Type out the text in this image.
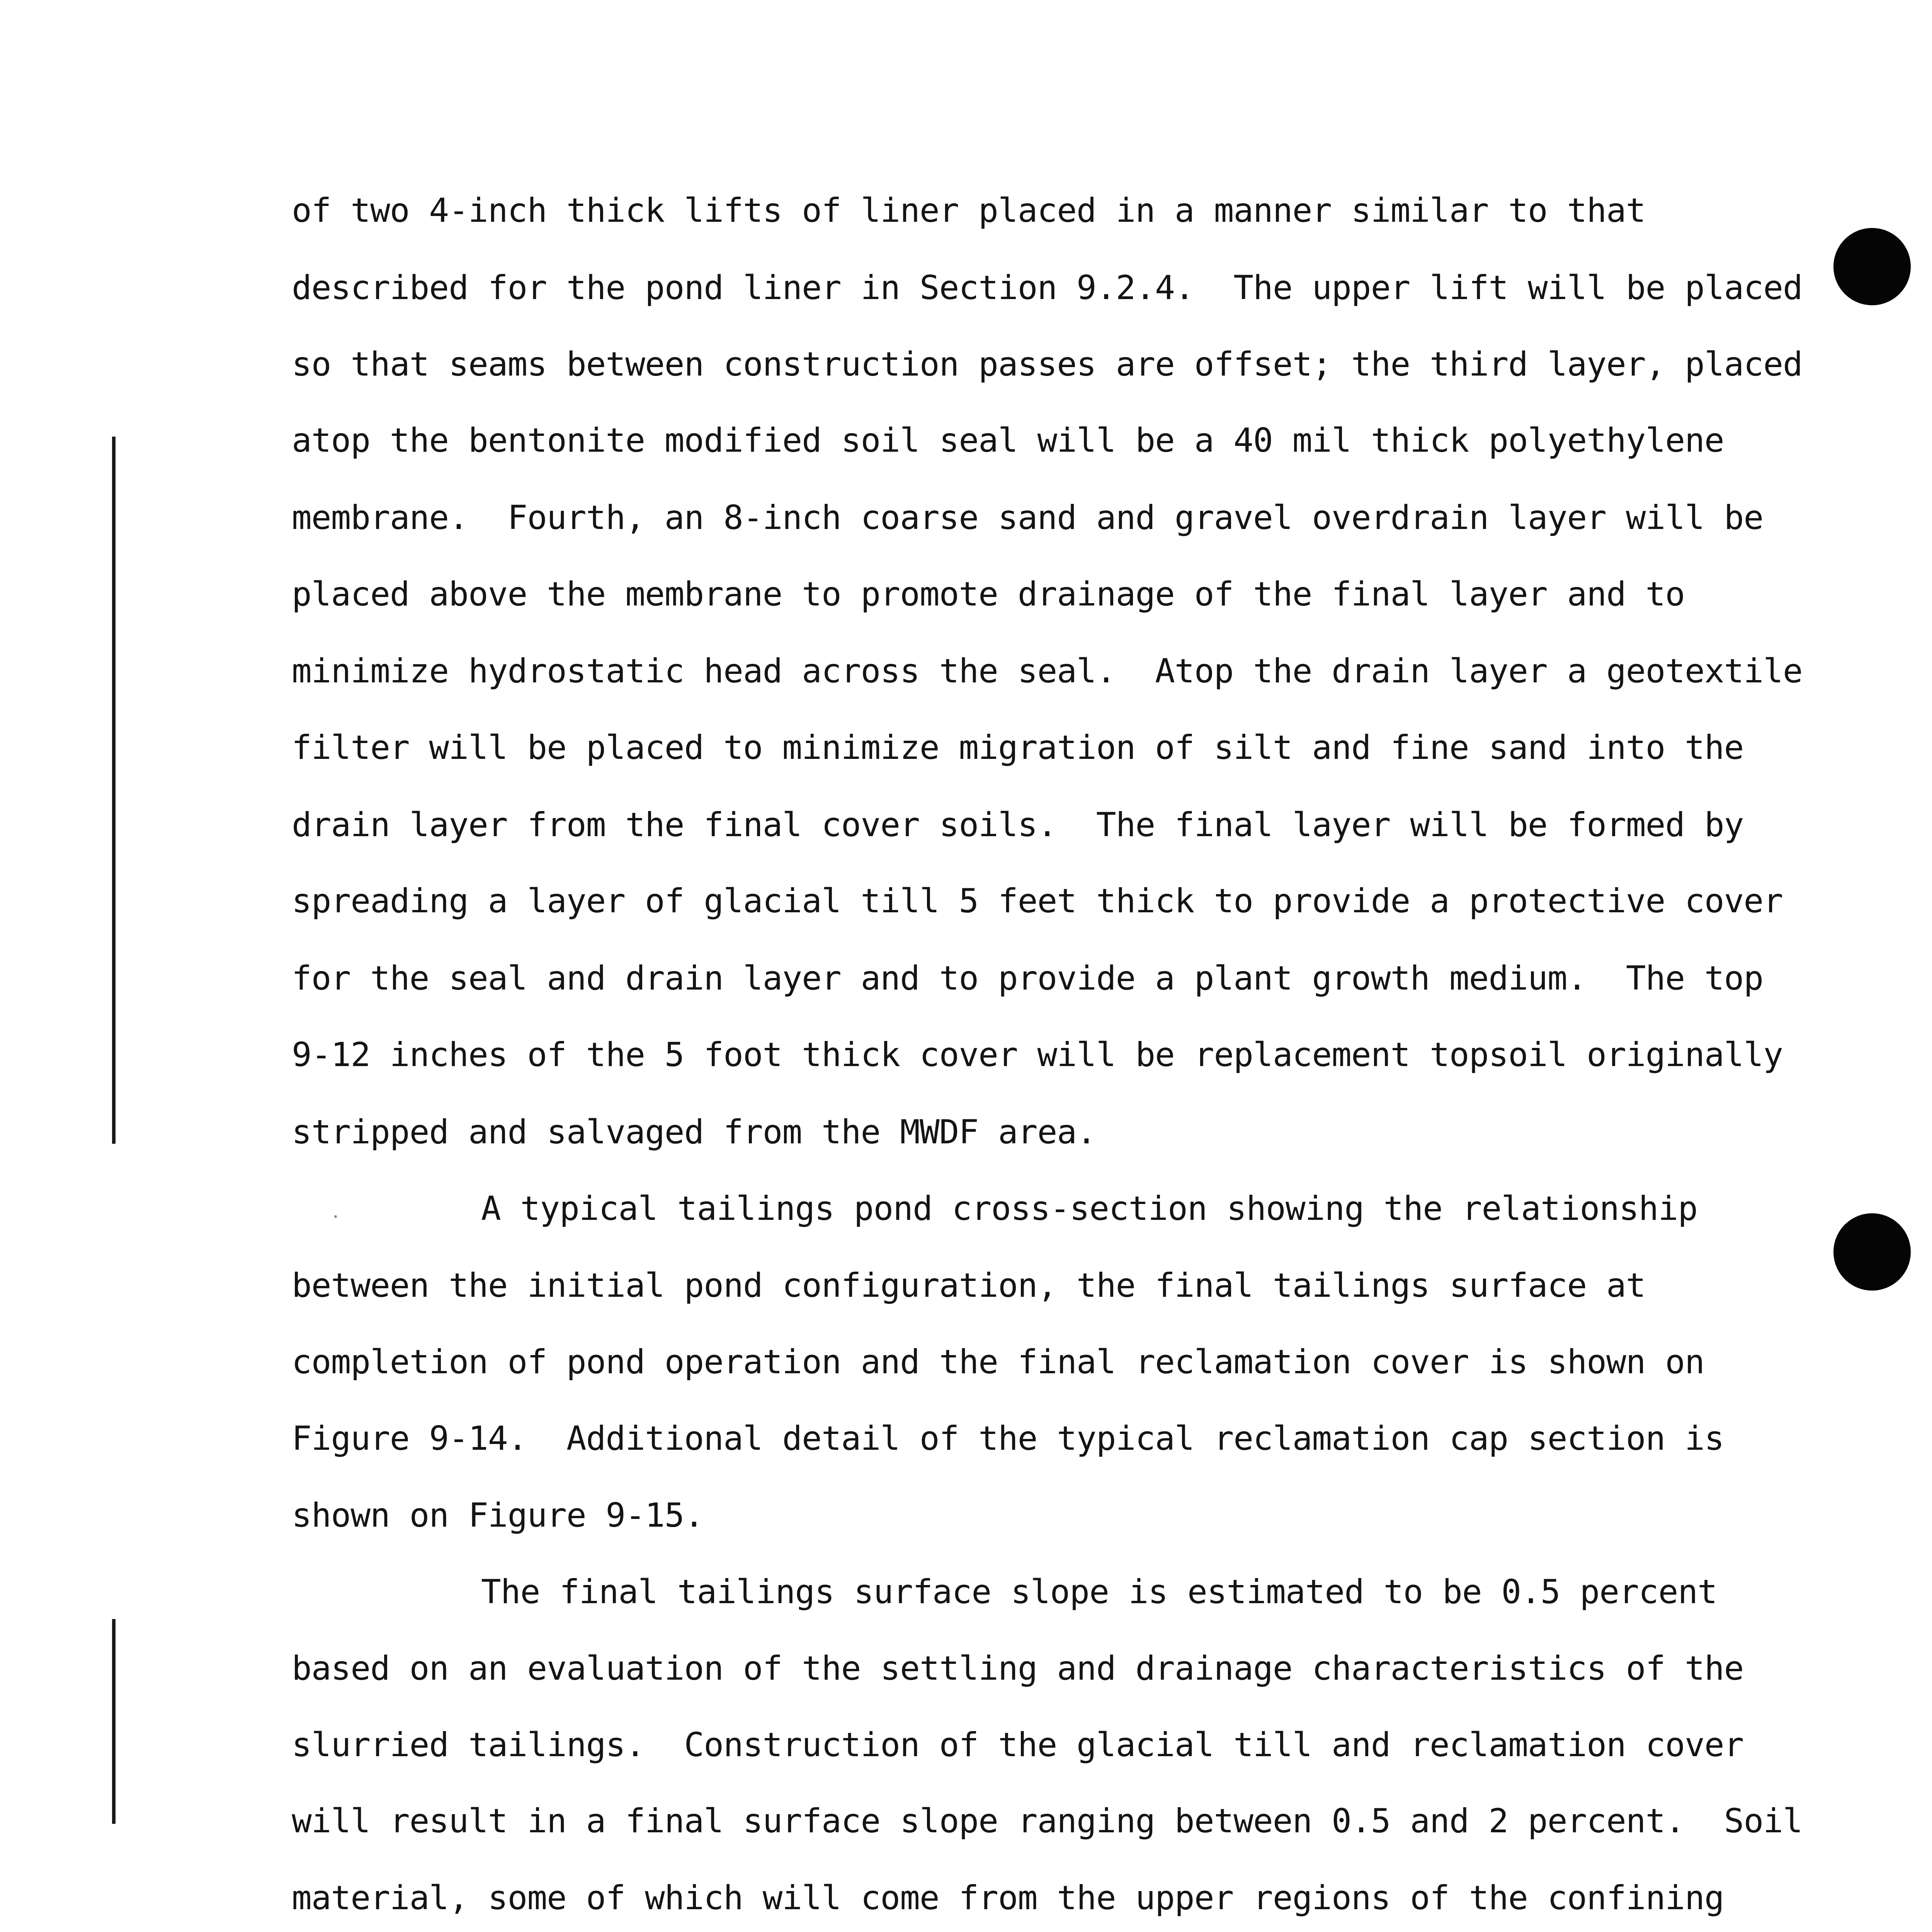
of two 4-inch thick lifts of liner placed in a manner similar to that
described for the pond liner in Section 9.2.4.  The upper lift will be placed
so that seams between construction passes are offset; the third layer, placed
atop the bentonite modified soil seal will be a 40 mil thick polyethylene
membrane.  Fourth, an 8-inch coarse sand and gravel overdrain layer will be
placed above the membrane to promote drainage of the final layer and to
minimize hydrostatic head across the seal.  Atop the drain layer a geotextile
filter will be placed to minimize migration of silt and fine sand into the
drain layer from the final cover soils.  The final layer will be formed by
spreading a layer of glacial till 5 feet thick to provide a protective cover
for the seal and drain layer and to provide a plant growth medium.  The top
9-12 inches of the 5 foot thick cover will be replacement topsoil originally
stripped and salvaged from the MWDF area.
A typical tailings pond cross-section showing the relationship
between the initial pond configuration, the final tailings surface at
completion of pond operation and the final reclamation cover is shown on
Figure 9-14.  Additional detail of the typical reclamation cap section is
shown on Figure 9-15.
The final tailings surface slope is estimated to be 0.5 percent
based on an evaluation of the settling and drainage characteristics of the
slurried tailings.  Construction of the glacial till and reclamation cover
will result in a final surface slope ranging between 0.5 and 2 percent.  Soil
material, some of which will come from the upper regions of the confining
